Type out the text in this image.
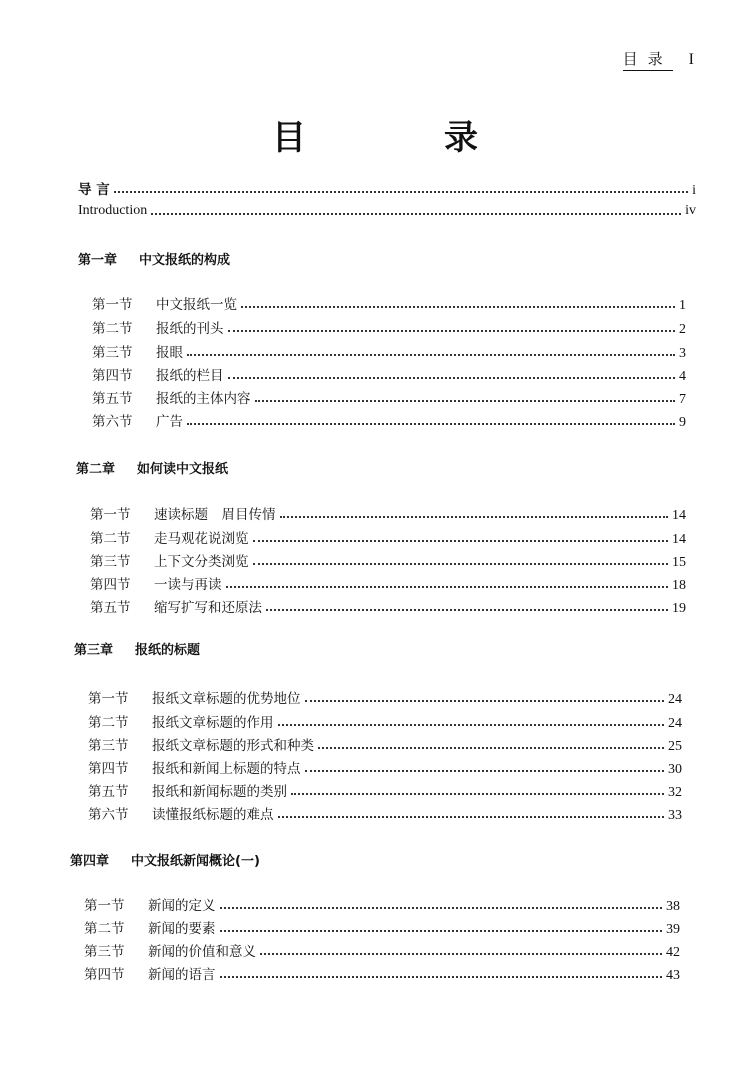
目录 I
目	录
导 言	i
Introduction	iv
第一章 中文报纸的构成
第一节	中文报纸一览	1
第二节	报纸的刊头	2
第三节	报眼	3
第四节	报纸的栏目	4
第五节	报纸的主体内容	7
第六节	广告	9
第二章 如何读中文报纸
第一节	速读标题　眉目传情	14
第二节	走马观花说浏览	14
第三节	上下文分类浏览	15
第四节	一读与再读	18
第五节	缩写扩写和还原法	19
第三章 报纸的标题
第一节	报纸文章标题的优势地位	24
第二节	报纸文章标题的作用	24
第三节	报纸文章标题的形式和种类	25
第四节	报纸和新闻上标题的特点	30
第五节	报纸和新闻标题的类别	32
第六节	读懂报纸标题的难点	33
第四章 中文报纸新闻概论(一)
第一节	新闻的定义	38
第二节	新闻的要素	39
第三节	新闻的价值和意义	42
第四节	新闻的语言	43
